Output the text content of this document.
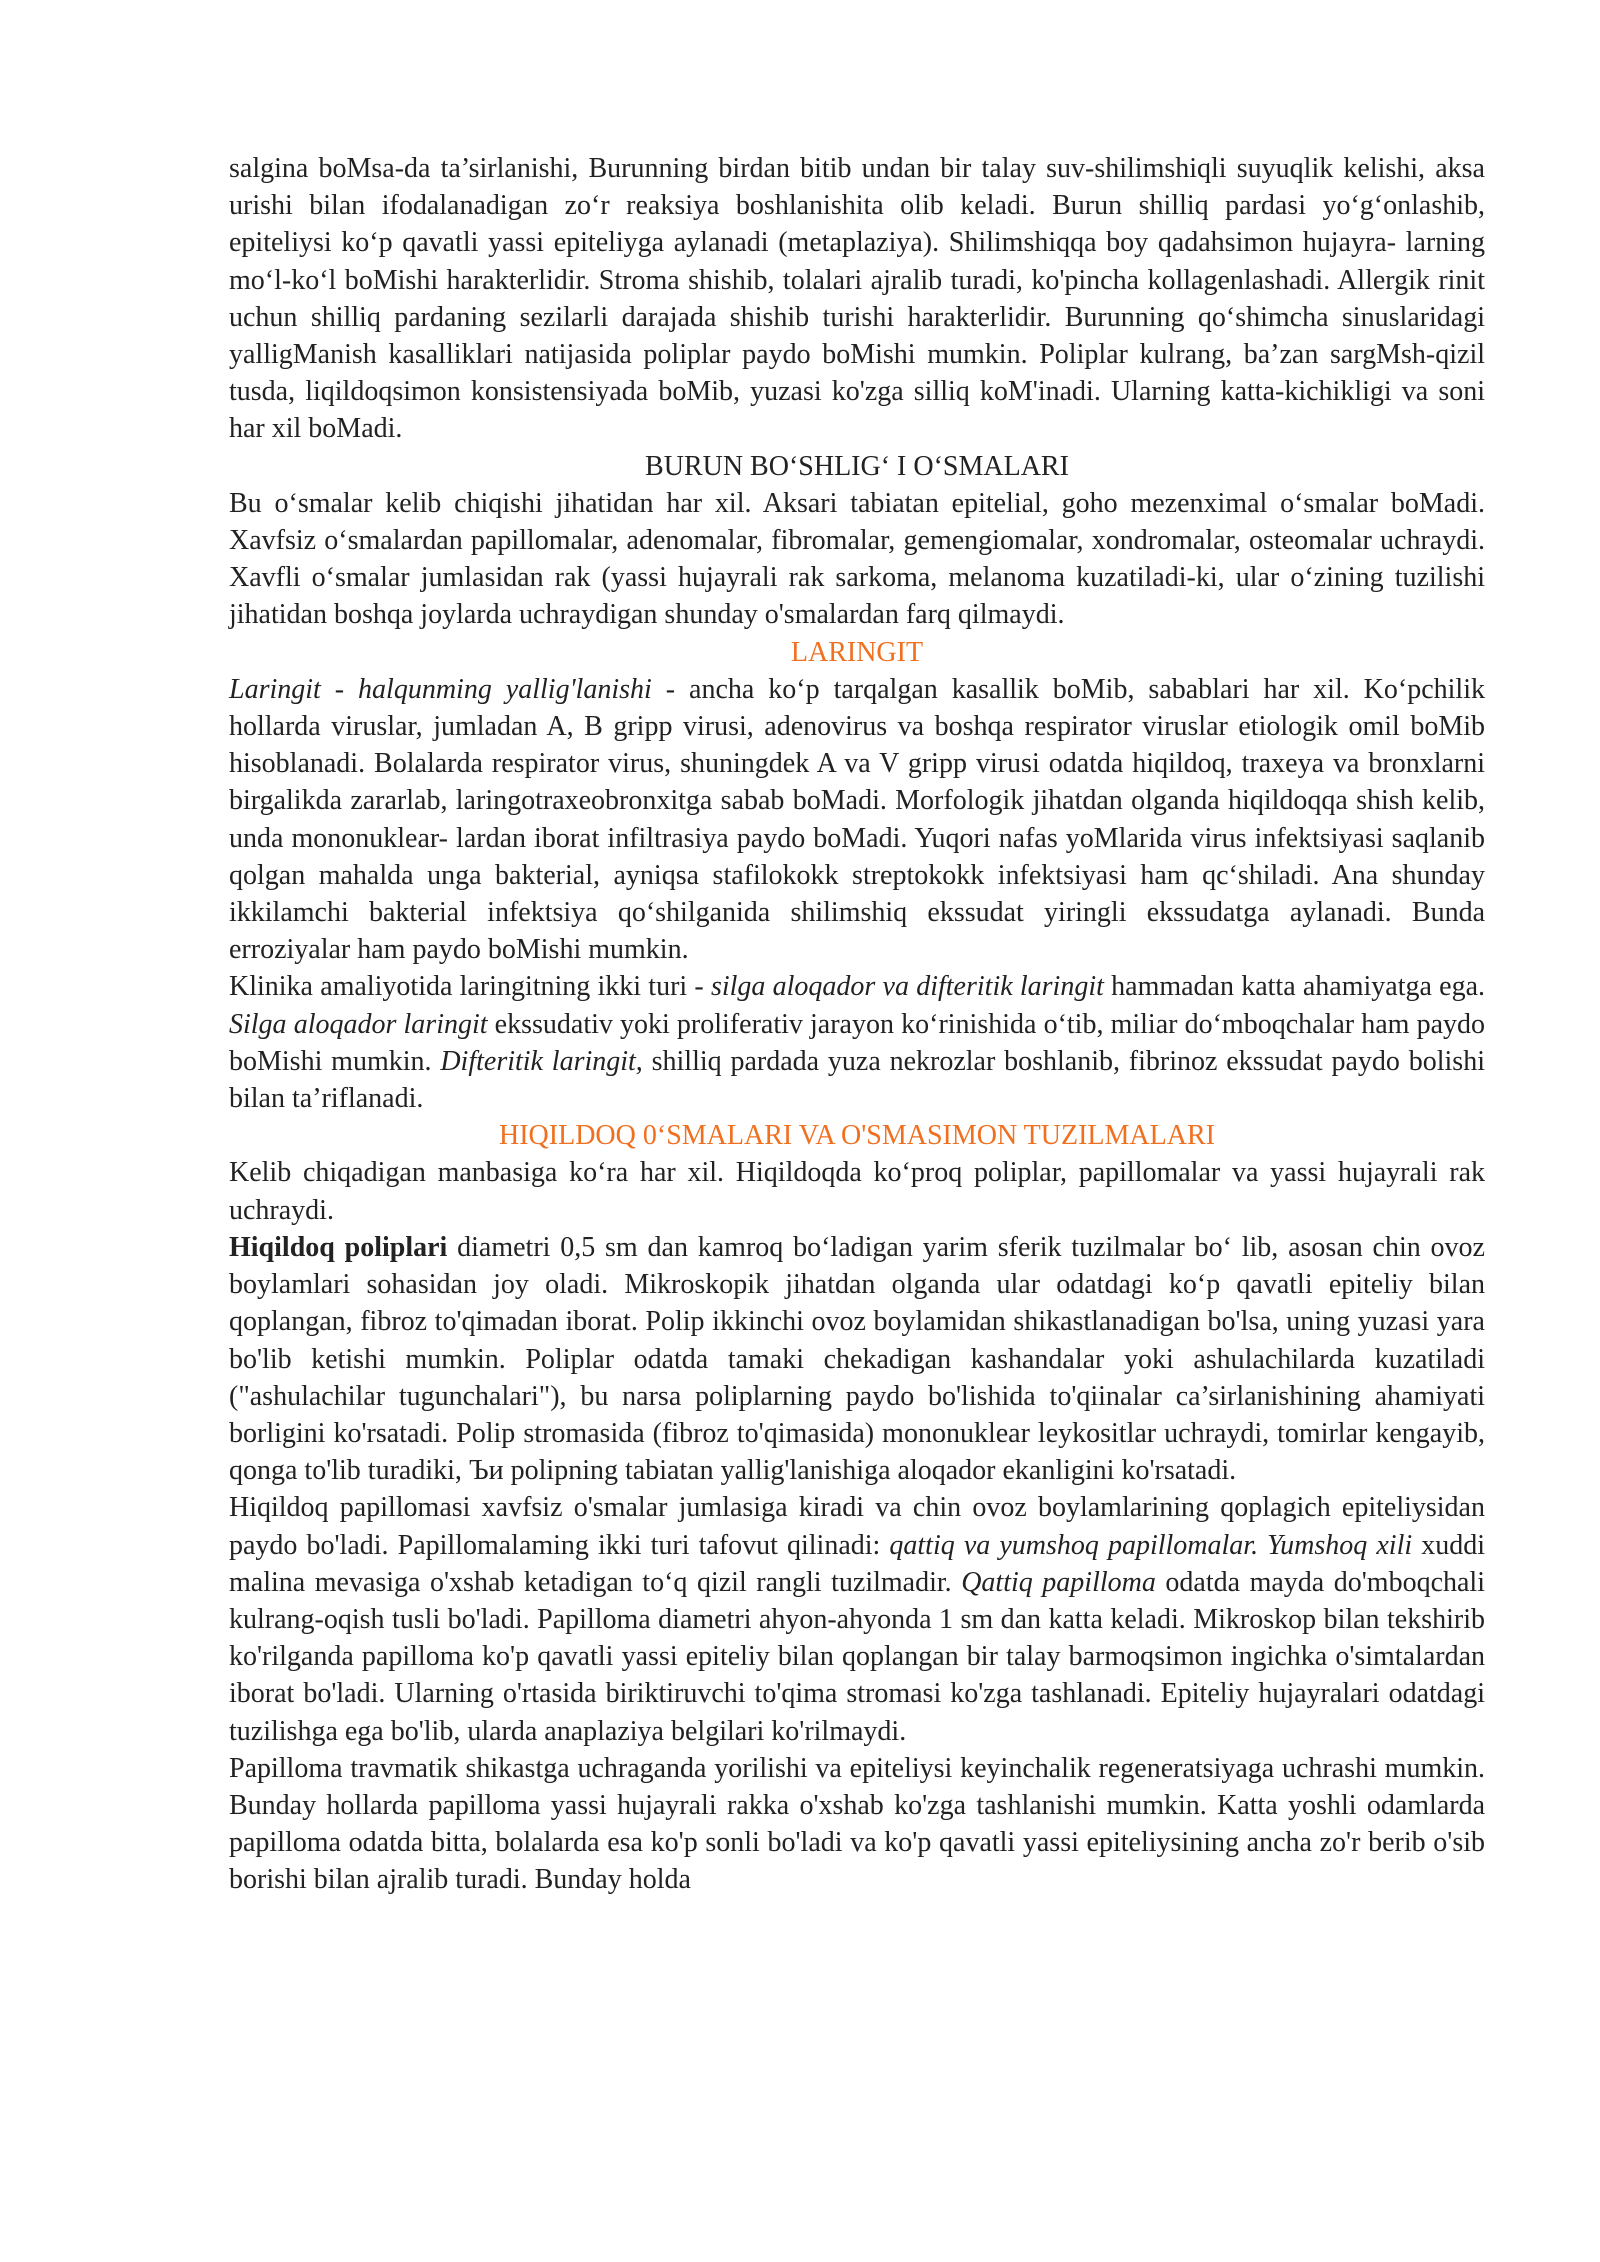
salgina boMsa-da ta’sirlanishi, Burunning birdan bitib undan bir talay suv-shilimshiqli suyuqlik kelishi, aksa urishi bilan ifodalanadigan zo‘r reaksiya boshlanishita olib keladi. Burun shilliq pardasi yo‘g‘onlashib, epiteliysi ko‘p qavatli yassi epiteliyga aylanadi (metaplaziya). Shilimshiqqa boy qadahsimon hujayra- larning mo‘l-ko‘l boMishi harakterlidir. Stroma shishib, tolalari ajralib turadi, ko'pincha kollagenlashadi. Allergik rinit uchun shilliq pardaning sezilarli darajada shishib turishi harakterlidir. Burunning qo‘shimcha sinuslaridagi yalligManish kasalliklari natijasida poliplar paydo boMishi mumkin. Poliplar kulrang, ba’zan sargMsh-qizil tusda, liqildoqsimon konsistensiyada boMib, yuzasi ko'zga silliq koM'inadi. Ularning katta-kichikligi va soni har xil boMadi.

BURUN BO‘SHLIG‘ I O‘SMALARI

Bu o‘smalar kelib chiqishi jihatidan har xil. Aksari tabiatan epitelial, goho mezenximal o‘smalar boMadi. Xavfsiz o‘smalardan papillomalar, adenomalar, fibromalar, gemengiomalar, xondromalar, osteomalar uchraydi. Xavfli o‘smalar jumlasidan rak (yassi hujayrali rak sarkoma, melanoma kuzatiladi-ki, ular o‘zining tuzilishi jihatidan boshqa joylarda uchraydigan shunday o'smalardan farq qilmaydi.

LARINGIT

Laringit - halqunming yallig'lanishi - ancha ko‘p tarqalgan kasallik boMib, sabablari har xil. Ko‘pchilik hollarda viruslar, jumladan A, B gripp virusi, adenovirus va boshqa respirator viruslar etiologik omil boMib hisoblanadi. Bolalarda respirator virus, shuningdek A va V gripp virusi odatda hiqildoq, traxeya va bronxlarni birgalikda zararlab, laringotraxeobronxitga sabab boMadi. Morfologik jihatdan olganda hiqildoqqa shish kelib, unda mononuklear- lardan iborat infiltrasiya paydo boMadi. Yuqori nafas yoMlarida virus infektsiyasi saqlanib qolgan mahalda unga bakterial, ayniqsa stafilokokk streptokokk infektsiyasi ham qc‘shiladi. Ana shunday ikkilamchi bakterial infektsiya qo‘shilganida shilimshiq ekssudat yiringli ekssudatga aylanadi. Bunda erroziyalar ham paydo boMishi mumkin.

Klinika amaliyotida laringitning ikki turi - silga aloqador va difteritik laringit hammadan katta ahamiyatga ega. Silga aloqador laringit ekssudativ yoki proliferativ jarayon ko‘rinishida o‘tib, miliar do‘mboqchalar ham paydo boMishi mumkin. Difteritik laringit, shilliq pardada yuza nekrozlar boshlanib, fibrinoz ekssudat paydo bolishi bilan ta’riflanadi.

HIQILDOQ 0‘SMALARI VA O'SMASIMON TUZILMALARI

Kelib chiqadigan manbasiga ko‘ra har xil. Hiqildoqda ko‘proq poliplar, papillomalar va yassi hujayrali rak uchraydi.

Hiqildoq poliplari diametri 0,5 sm dan kamroq bo‘ladigan yarim sferik tuzilmalar bo‘ lib, asosan chin ovoz boylamlari sohasidan joy oladi. Mikroskopik jihatdan olganda ular odatdagi ko‘p qavatli epiteliy bilan qoplangan, fibroz to'qimadan iborat. Polip ikkinchi ovoz boylamidan shikastlanadigan bo'lsa, uning yuzasi yara bo'lib ketishi mumkin. Poliplar odatda tamaki chekadigan kashandalar yoki ashulachilarda kuzatiladi ("ashulachilar tugunchalari"), bu narsa poliplarning paydo bo'lishida to'qiinalar ca’sirlanishining ahamiyati borligini ko'rsatadi. Polip stromasida (fibroz to'qimasida) mononuklear leykositlar uchraydi, tomirlar kengayib, qonga to'lib turadiki, Ъи polipning tabiatan yallig'lanishiga aloqador ekanligini ko'rsatadi.

Hiqildoq papillomasi xavfsiz o'smalar jumlasiga kiradi va chin ovoz boylamlarining qoplagich epiteliysidan paydo bo'ladi. Papillomalaming ikki turi tafovut qilinadi: qattiq va yumshoq papillomalar. Yumshoq xili xuddi malina mevasiga o'xshab ketadigan to‘q qizil rangli tuzilmadir. Qattiq papilloma odatda mayda do'mboqchali kulrang-oqish tusli bo'ladi. Papilloma diametri ahyon-ahyonda 1 sm dan katta keladi. Mikroskop bilan tekshirib ko'rilganda papilloma ko'p qavatli yassi epiteliy bilan qoplangan bir talay barmoqsimon ingichka o'simtalardan iborat bo'ladi. Ularning o'rtasida biriktiruvchi to'qima stromasi ko'zga tashlanadi. Epiteliy hujayralari odatdagi tuzilishga ega bo'lib, ularda anaplaziya belgilari ko'rilmaydi.

Papilloma travmatik shikastga uchraganda yorilishi va epiteliysi keyinchalik regeneratsiyaga uchrashi mumkin. Bunday hollarda papilloma yassi hujayrali rakka o'xshab ko'zga tashlanishi mumkin. Katta yoshli odamlarda papilloma odatda bitta, bolalarda esa ko'p sonli bo'ladi va ko'p qavatli yassi epiteliysining ancha zo'r berib o'sib borishi bilan ajralib turadi. Bunday holda
